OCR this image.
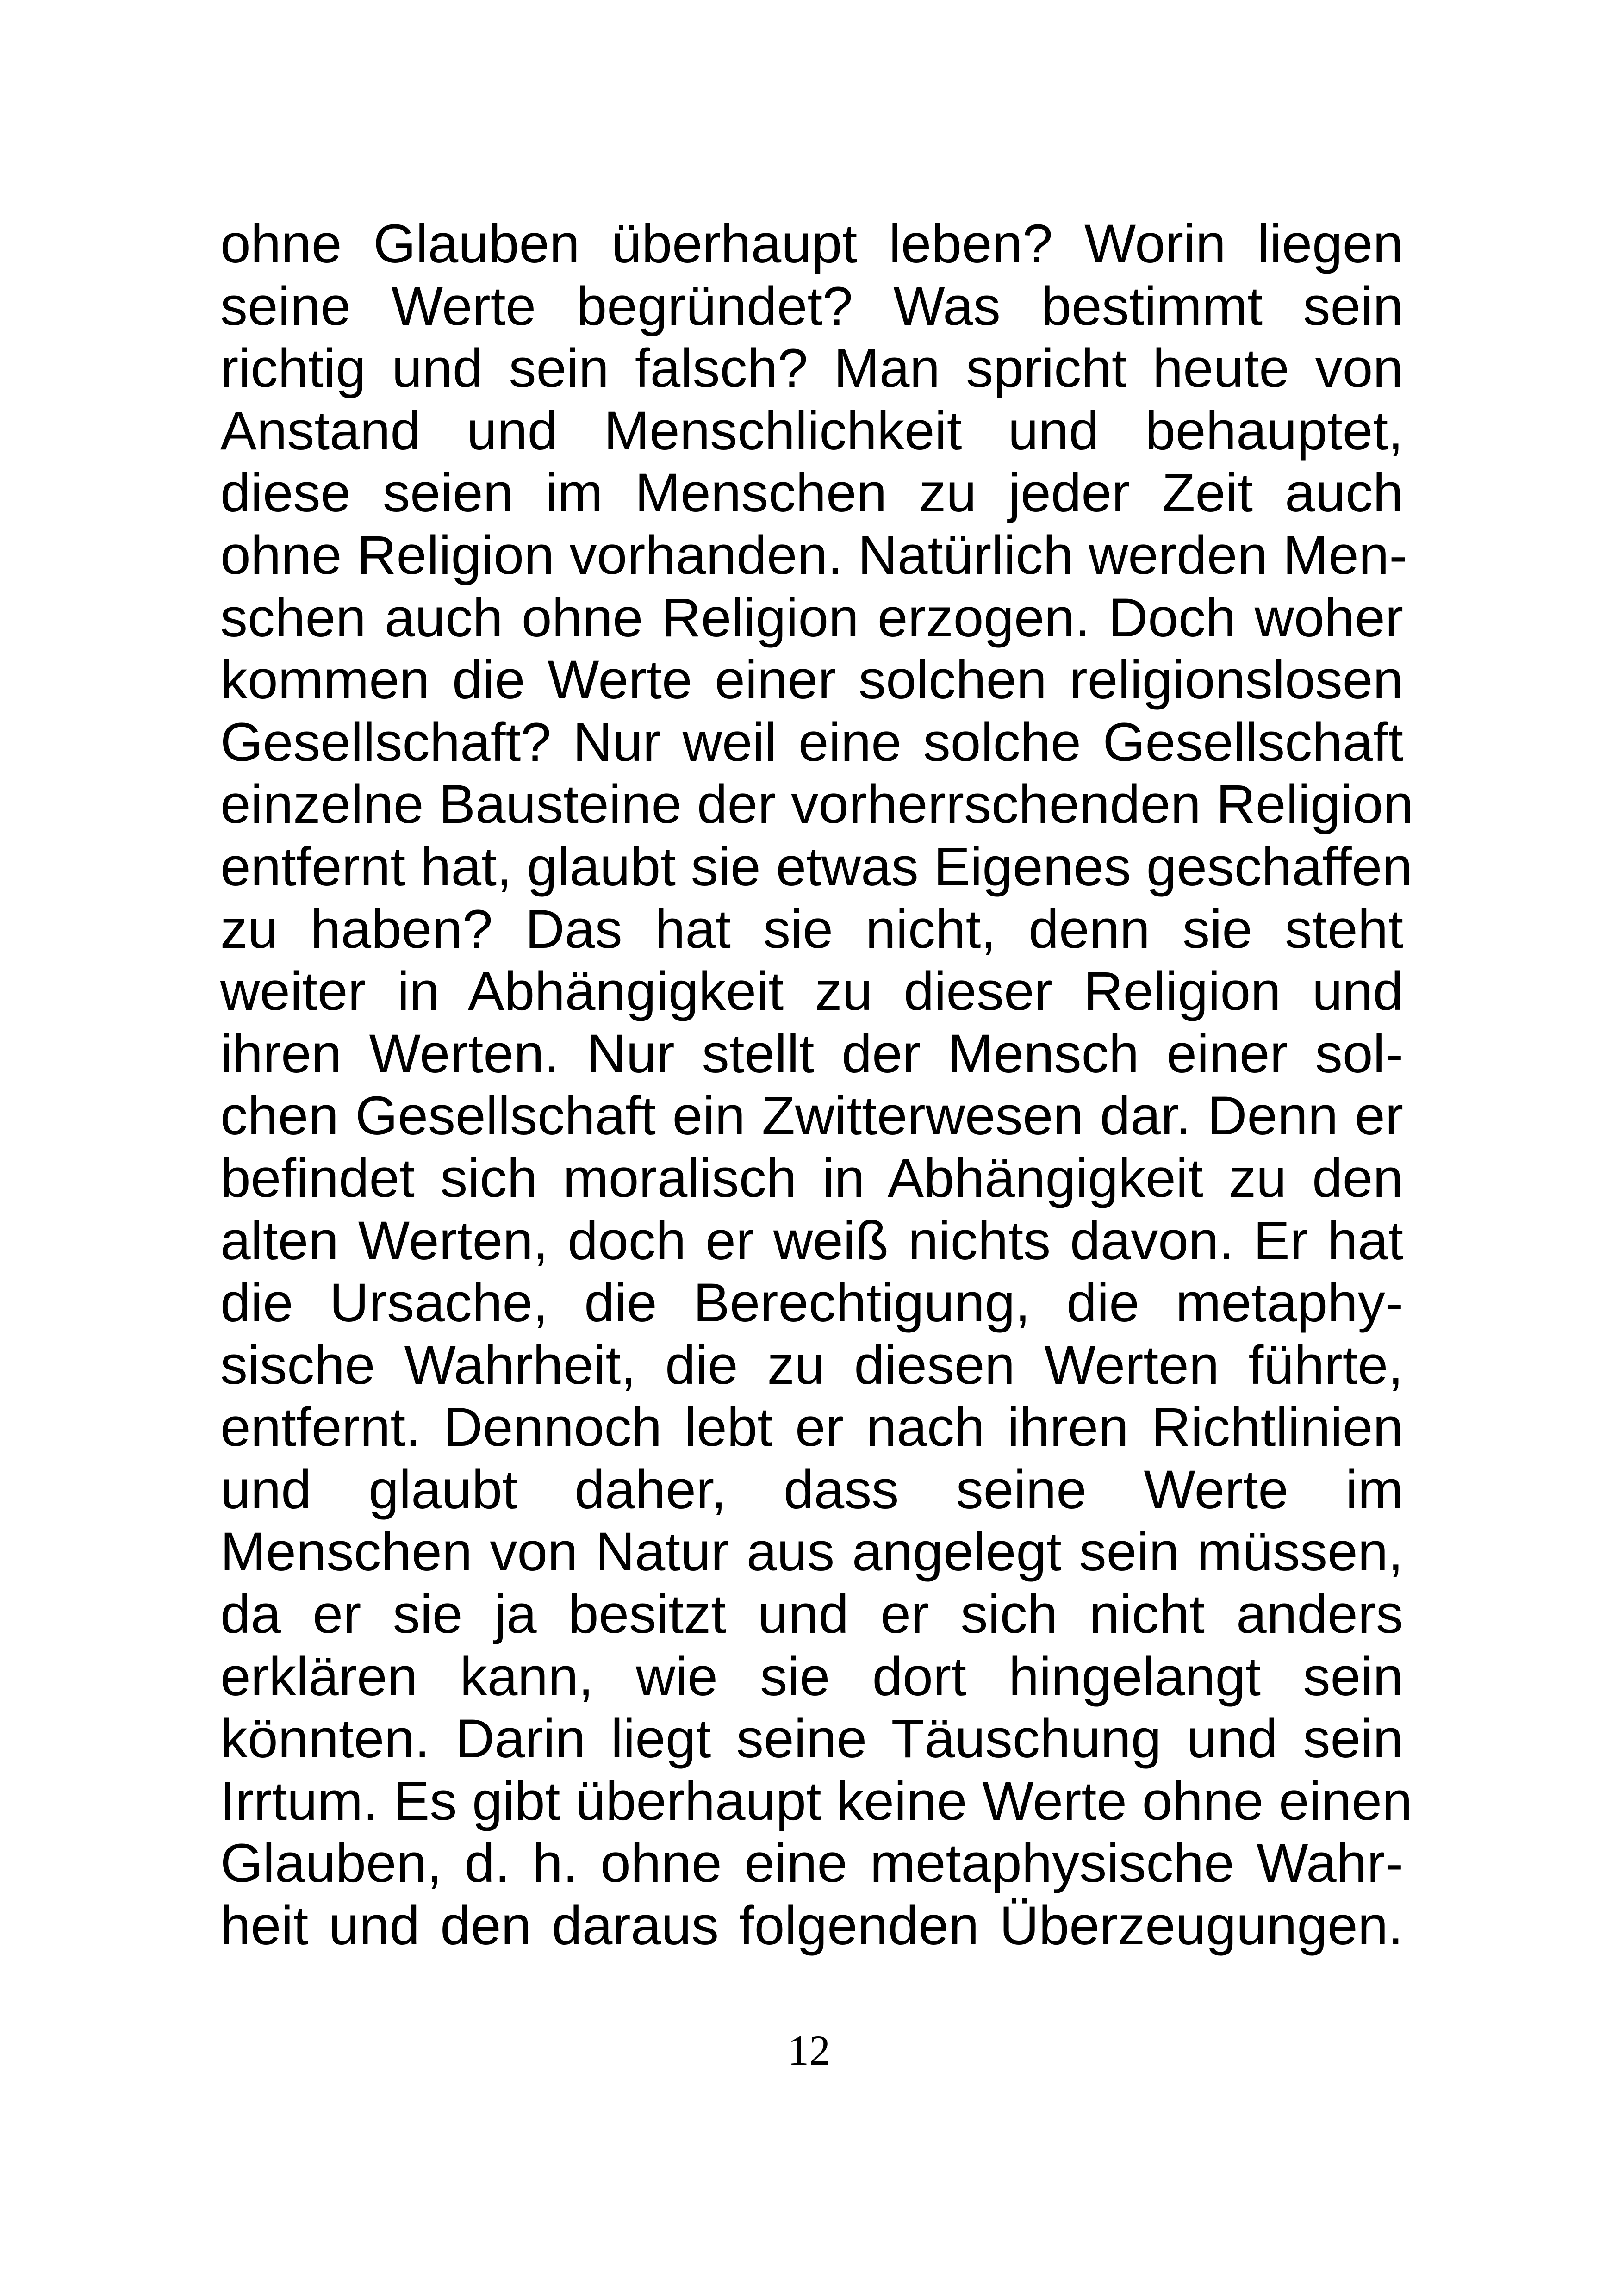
ohne Glauben überhaupt leben? Worin liegen
seine Werte begründet? Was bestimmt sein
richtig und sein falsch? Man spricht heute von
Anstand und Menschlichkeit und behauptet,
diese seien im Menschen zu jeder Zeit auch
ohne Religion vorhanden. Natürlich werden Men-
schen auch ohne Religion erzogen. Doch woher
kommen die Werte einer solchen religionslosen
Gesellschaft? Nur weil eine solche Gesellschaft
einzelne Bausteine der vorherrschenden Religion
entfernt hat, glaubt sie etwas Eigenes geschaffen
zu haben? Das hat sie nicht, denn sie steht
weiter in Abhängigkeit zu dieser Religion und
ihren Werten. Nur stellt der Mensch einer sol-
chen Gesellschaft ein Zwitterwesen dar. Denn er
befindet sich moralisch in Abhängigkeit zu den
alten Werten, doch er weiß nichts davon. Er hat
die Ursache, die Berechtigung, die metaphy-
sische Wahrheit, die zu diesen Werten führte,
entfernt. Dennoch lebt er nach ihren Richtlinien
und glaubt daher, dass seine Werte im
Menschen von Natur aus angelegt sein müssen,
da er sie ja besitzt und er sich nicht anders
erklären kann, wie sie dort hingelangt sein
könnten. Darin liegt seine Täuschung und sein
Irrtum. Es gibt überhaupt keine Werte ohne einen
Glauben, d. h. ohne eine metaphysische Wahr-
heit und den daraus folgenden Überzeugungen.
12
